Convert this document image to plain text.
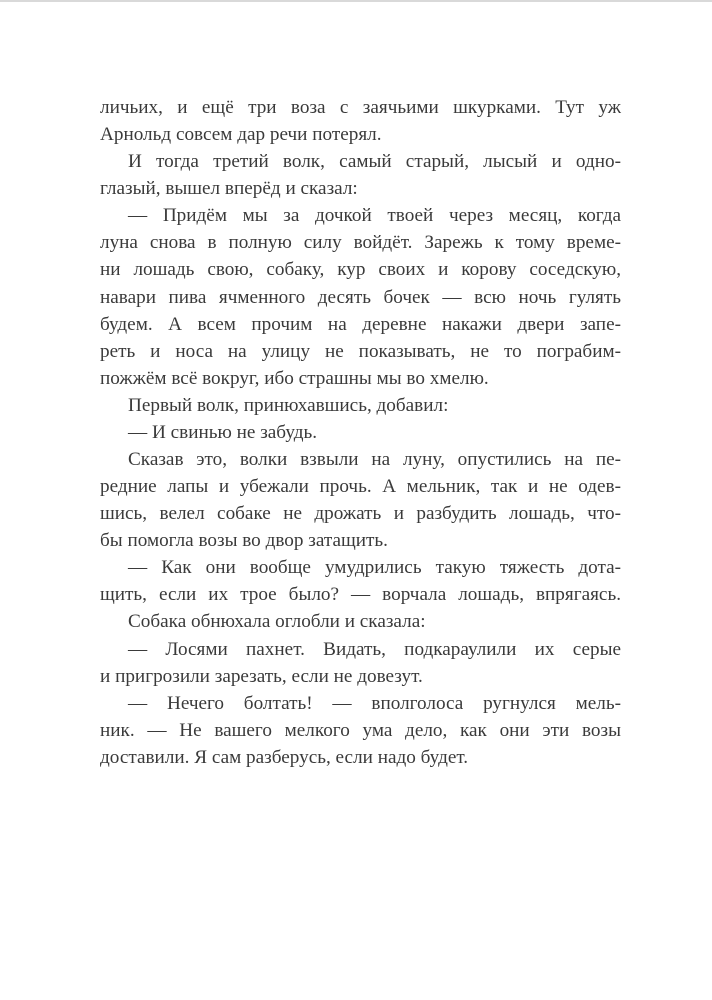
личьих, и ещё три воза с заячьими шкурками. Тут уж
Арнольд совсем дар речи потерял.
И тогда третий волк, самый старый, лысый и одно-
глазый, вышел вперёд и сказал:
— Придём мы за дочкой твоей через месяц, когда
луна снова в полную силу войдёт. Зарежь к тому време-
ни лошадь свою, собаку, кур своих и корову соседскую,
навари пива ячменного десять бочек — всю ночь гулять
будем. А всем прочим на деревне накажи двери запе-
реть и носа на улицу не показывать, не то пограбим-
пожжём всё вокруг, ибо страшны мы во хмелю.
Первый волк, принюхавшись, добавил:
— И свинью не забудь.
Сказав это, волки взвыли на луну, опустились на пе-
редние лапы и убежали прочь. А мельник, так и не одев-
шись, велел собаке не дрожать и разбудить лошадь, что-
бы помогла возы во двор затащить.
— Как они вообще умудрились такую тяжесть дота-
щить, если их трое было? — ворчала лошадь, впрягаясь.
Собака обнюхала оглобли и сказала:
— Лосями пахнет. Видать, подкараулили их серые
и пригрозили зарезать, если не довезут.
— Нечего болтать! — вполголоса ругнулся мель-
ник. — Не вашего мелкого ума дело, как они эти возы
доставили. Я сам разберусь, если надо будет.
